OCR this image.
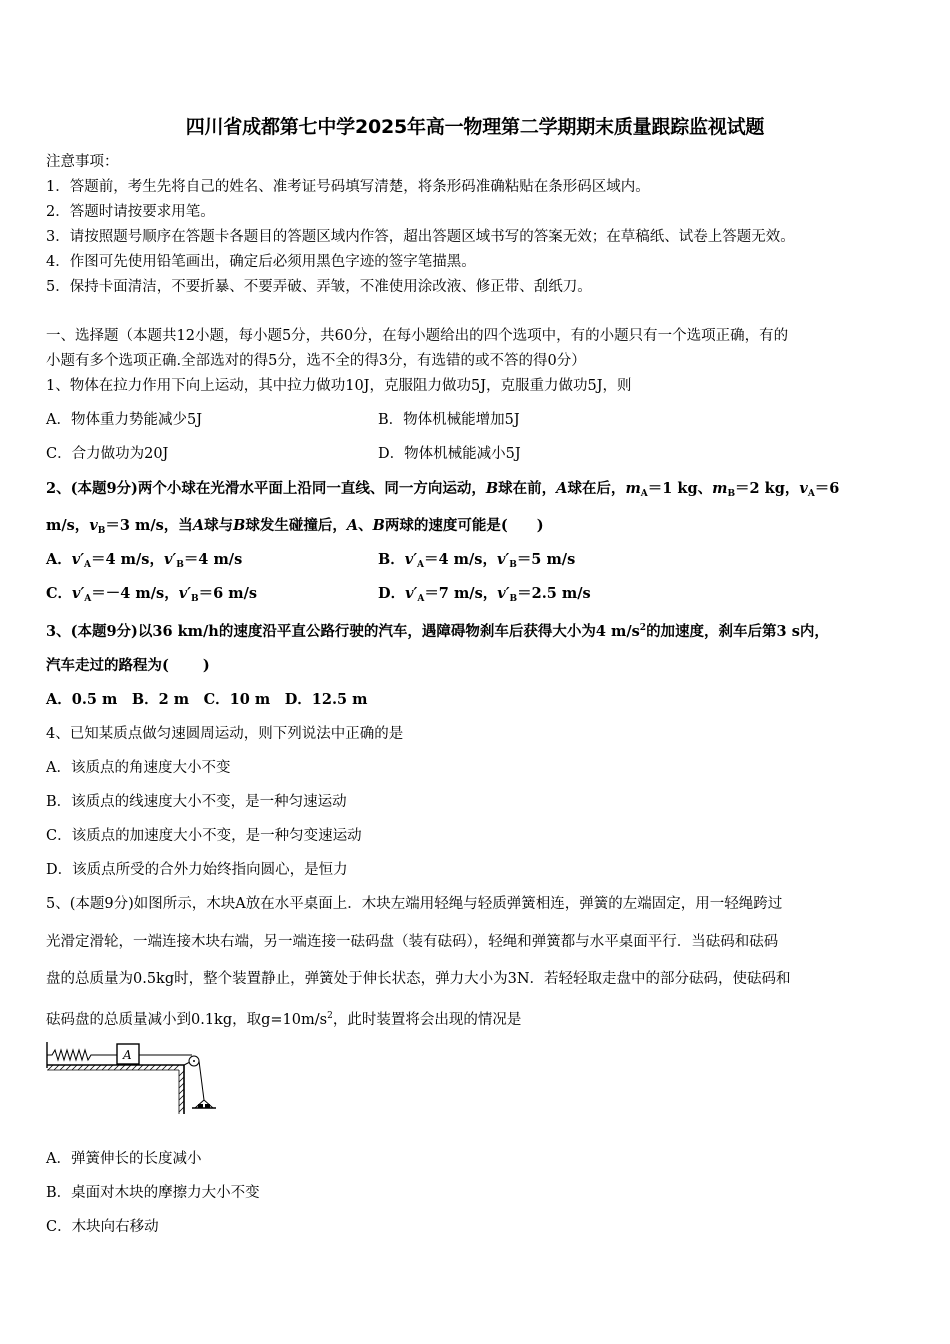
四川省成都第七中学2025年高一物理第二学期期末质量跟踪监视试题
注意事项：
1．答题前，考生先将自己的姓名、准考证号码填写清楚，将条形码准确粘贴在条形码区域内。
2．答题时请按要求用笔。
3．请按照题号顺序在答题卡各题目的答题区域内作答，超出答题区域书写的答案无效；在草稿纸、试卷上答题无效。
4．作图可先使用铅笔画出，确定后必须用黑色字迹的签字笔描黑。
5．保持卡面清洁，不要折暴、不要弄破、弄皱，不准使用涂改液、修正带、刮纸刀。
一、选择题（本题共12小题，每小题5分，共60分，在每小题给出的四个选项中，有的小题只有一个选项正确，有的
小题有多个选项正确.全部选对的得5分，选不全的得3分，有选错的或不答的得0分）
1、物体在拉力作用下向上运动，其中拉力做功10J，克服阻力做功5J，克服重力做功5J，则
A．物体重力势能减少5J	B．物体机械能增加5J
C．合力做功为20J	D．物体机械能减小5J
2、(本题9分)两个小球在光滑水平面上沿同一直线、同一方向运动，B球在前，A球在后，$m_A=1$ kg、$m_B=2$ kg，$v_A=6$
m/s，$v_B=3$ m/s，当A球与B球发生碰撞后，A、B两球的速度可能是(　　)
A．$v'_A=4$ m/s，$v'_B=4$ m/s	B．$v'_A=4$ m/s，$v'_B=5$ m/s
C．$v'_A=-4$ m/s，$v'_B=6$ m/s	D．$v'_A=7$ m/s，$v'_B=2.5$ m/s
3、(本题9分)以36 km/h的速度沿平直公路行驶的汽车，遇障碍物刹车后获得大小为4 $m/s^2$的加速度，刹车后第3 s内，
汽车走过的路程为(　　 )
A．0.5 m　B．2 m　C．10 m　D．12.5 m
4、已知某质点做匀速圆周运动，则下列说法中正确的是
A．该质点的角速度大小不变
B．该质点的线速度大小不变，是一种匀速运动
C．该质点的加速度大小不变，是一种匀变速运动
D．该质点所受的合外力始终指向圆心，是恒力
5、(本题9分)如图所示，木块A放在水平桌面上．木块左端用轻绳与轻质弹簧相连，弹簧的左端固定，用一轻绳跨过
光滑定滑轮，一端连接木块右端，另一端连接一砝码盘（装有砝码），轻绳和弹簧都与水平桌面平行．当砝码和砝码
盘的总质量为0.5kg时，整个装置静止，弹簧处于伸长状态，弹力大小为3N．若轻轻取走盘中的部分砝码，使砝码和
砝码盘的总质量减小到0.1kg，取$g=10m/s^2$，此时装置将会出现的情况是
A
A．弹簧伸长的长度减小
B．桌面对木块的摩擦力大小不变
C．木块向右移动
